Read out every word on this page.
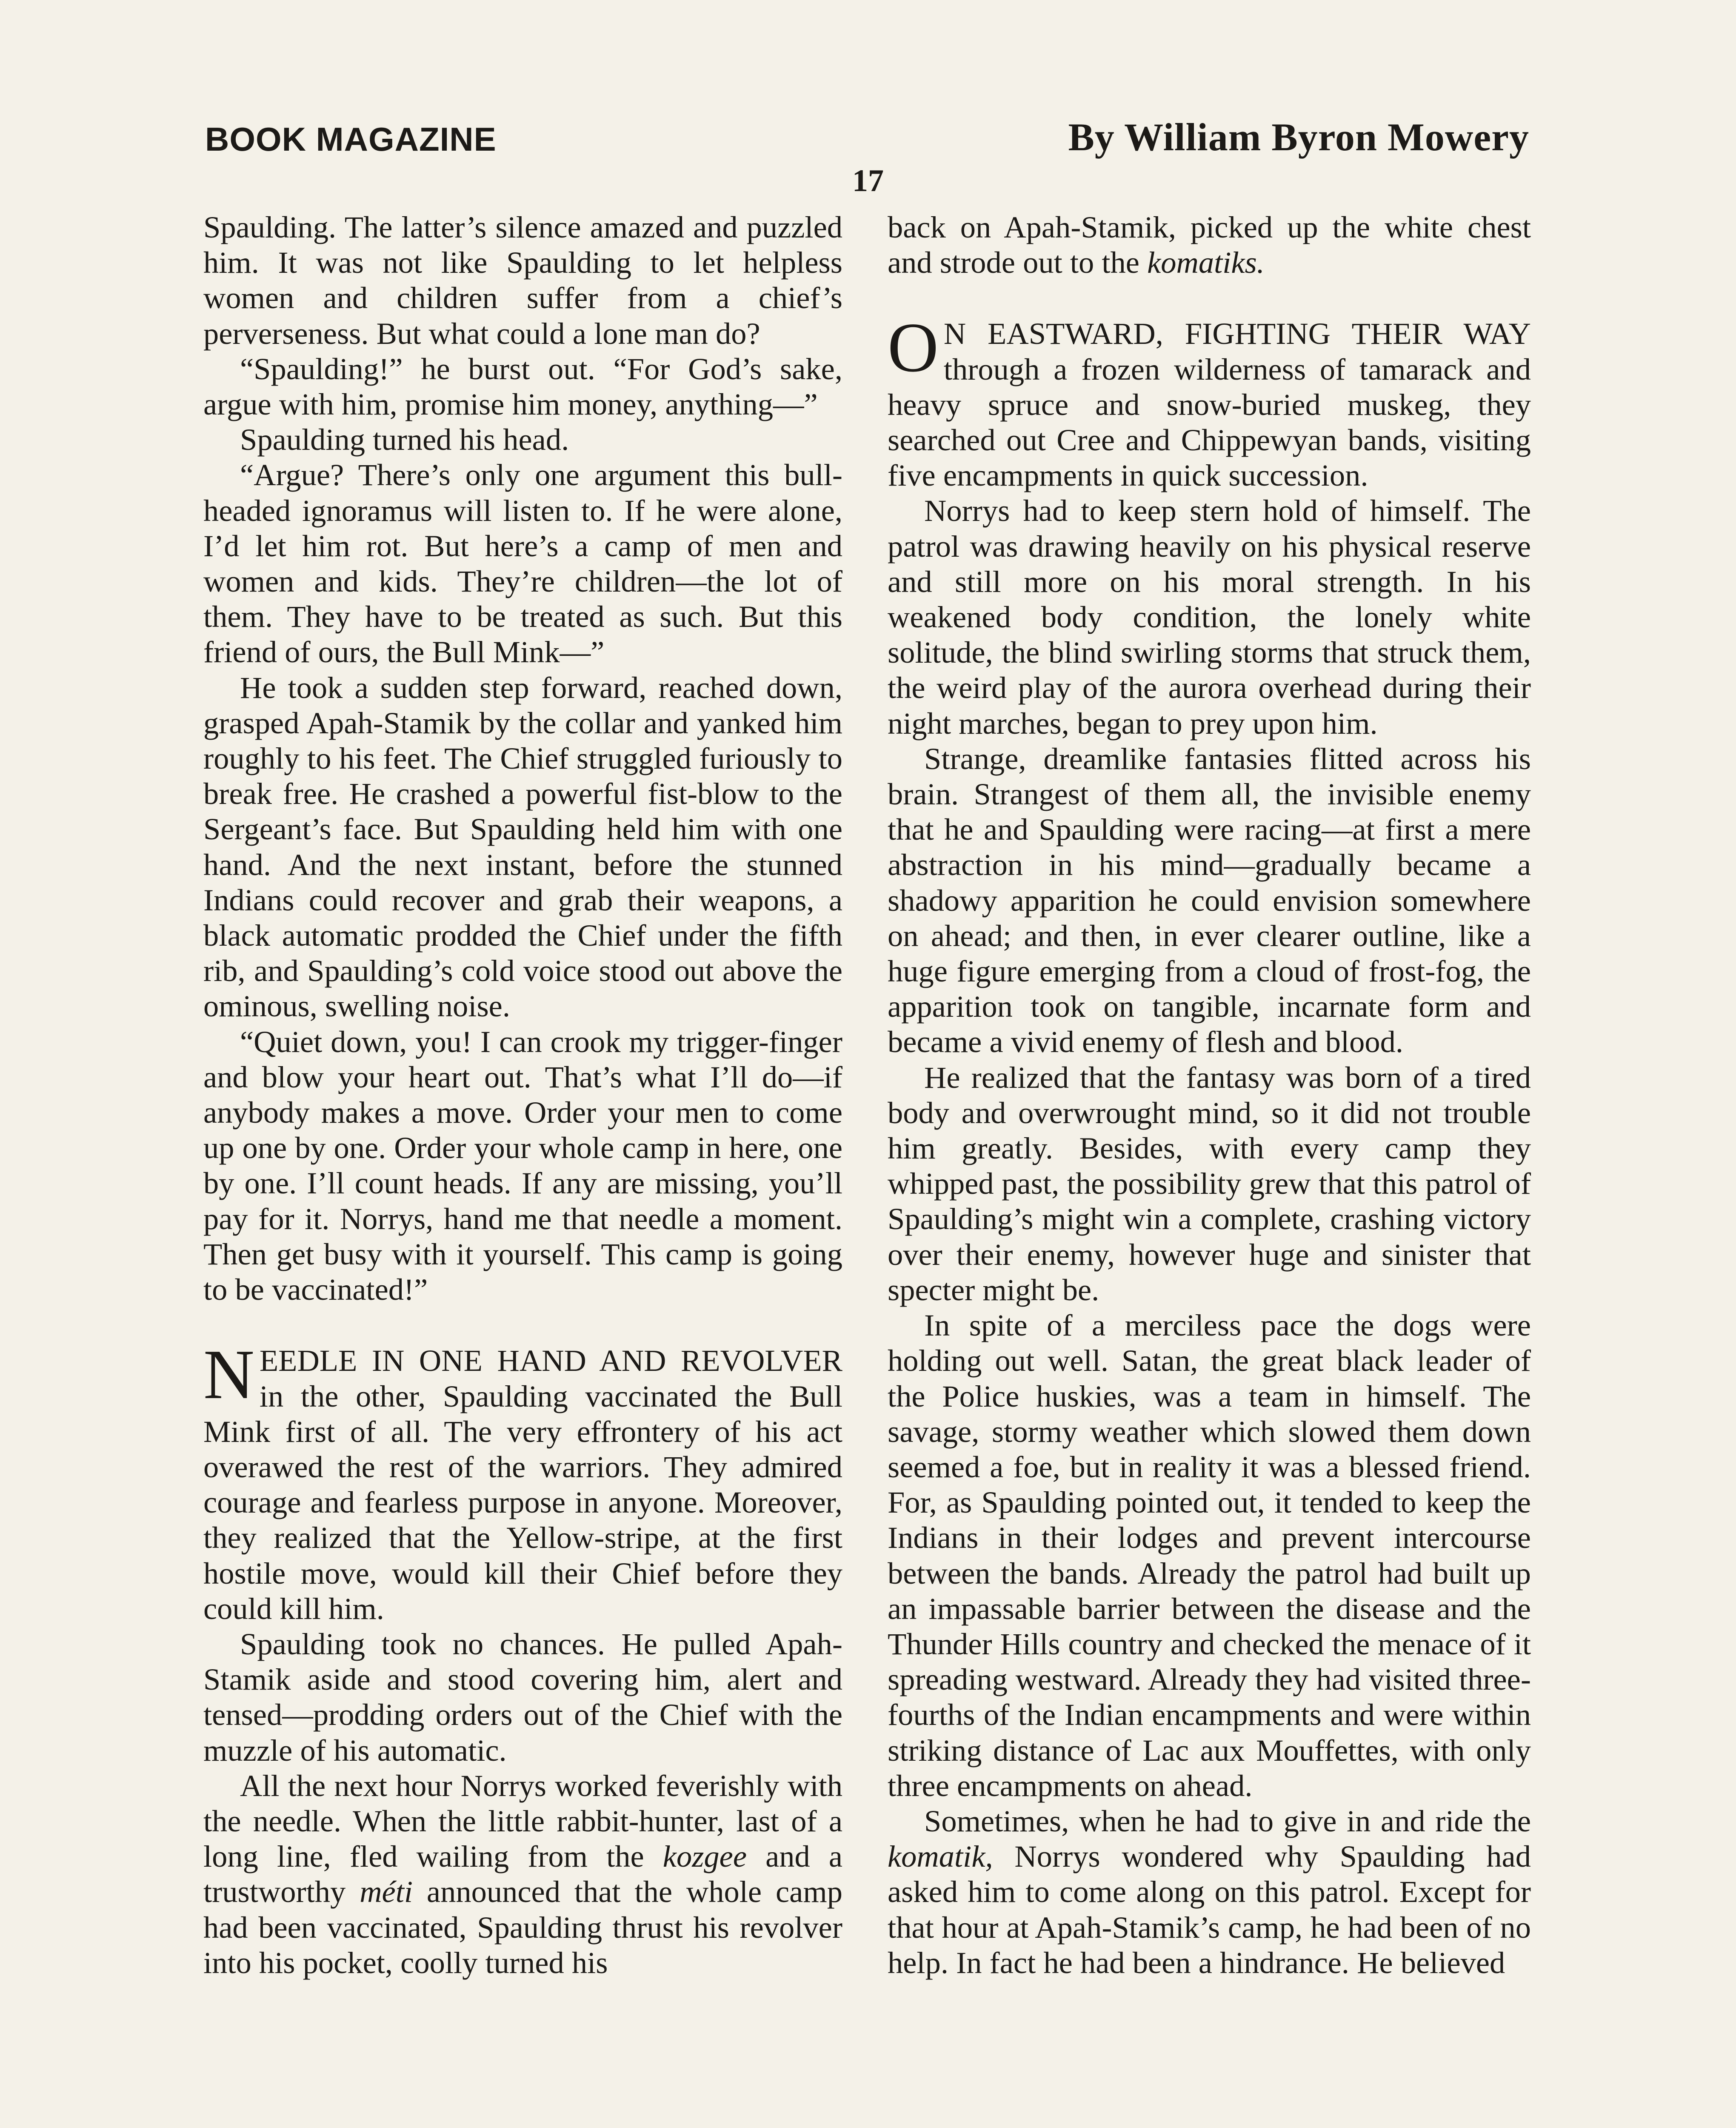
BOOK MAGAZINE	By William Byron Mowery
17

Spaulding. The latter’s silence amazed and puzzled him. It was not like Spaulding to let helpless women and children suffer from a chief’s perverseness. But what could a lone man do?

“Spaulding!” he burst out. “For God’s sake, argue with him, promise him money, anything—”

Spaulding turned his head.

“Argue? There’s only one argument this bull-headed ignoramus will listen to. If he were alone, I’d let him rot. But here’s a camp of men and women and kids. They’re children—the lot of them. They have to be treated as such. But this friend of ours, the Bull Mink—”

He took a sudden step forward, reached down, grasped Apah-Stamik by the collar and yanked him roughly to his feet. The Chief struggled furiously to break free. He crashed a powerful fist-blow to the Sergeant’s face. But Spaulding held him with one hand. And the next instant, before the stunned Indians could recover and grab their weapons, a black automatic prodded the Chief under the fifth rib, and Spaulding’s cold voice stood out above the ominous, swelling noise.

“Quiet down, you! I can crook my trigger-finger and blow your heart out. That’s what I’ll do—if anybody makes a move. Order your men to come up one by one. Order your whole camp in here, one by one. I’ll count heads. If any are missing, you’ll pay for it. Norrys, hand me that needle a moment. Then get busy with it yourself. This camp is going to be vaccinated!”

NEEDLE in one hand and revolver in the other, Spaulding vaccinated the Bull Mink first of all. The very effrontery of his act overawed the rest of the warriors. They admired courage and fearless purpose in anyone. Moreover, they realized that the Yellow-stripe, at the first hostile move, would kill their Chief before they could kill him.

Spaulding took no chances. He pulled Apah-Stamik aside and stood covering him, alert and tensed—prodding orders out of the Chief with the muzzle of his automatic.

All the next hour Norrys worked feverishly with the needle. When the little rabbit-hunter, last of a long line, fled wailing from the kozgee and a trustworthy méti announced that the whole camp had been vaccinated, Spaulding thrust his revolver into his pocket, coolly turned his

back on Apah-Stamik, picked up the white chest and strode out to the komatiks.

O N eastward, fighting their way through a frozen wilderness of tamarack and heavy spruce and snow-buried muskeg, they searched out Cree and Chippewyan bands, visiting five encampments in quick succession.

Norrys had to keep stern hold of himself. The patrol was drawing heavily on his physical reserve and still more on his moral strength. In his weakened body condition, the lonely white solitude, the blind swirling storms that struck them, the weird play of the aurora overhead during their night marches, began to prey upon him.

Strange, dreamlike fantasies flitted across his brain. Strangest of them all, the invisible enemy that he and Spaulding were racing—at first a mere abstraction in his mind—gradually became a shadowy apparition he could envision somewhere on ahead; and then, in ever clearer outline, like a huge figure emerging from a cloud of frost-fog, the apparition took on tangible, incarnate form and became a vivid enemy of flesh and blood.

He realized that the fantasy was born of a tired body and overwrought mind, so it did not trouble him greatly. Besides, with every camp they whipped past, the possibility grew that this patrol of Spaulding’s might win a complete, crashing victory over their enemy, however huge and sinister that specter might be.

In spite of a merciless pace the dogs were holding out well. Satan, the great black leader of the Police huskies, was a team in himself. The savage, stormy weather which slowed them down seemed a foe, but in reality it was a blessed friend. For, as Spaulding pointed out, it tended to keep the Indians in their lodges and prevent intercourse between the bands. Already the patrol had built up an impassable barrier between the disease and the Thunder Hills country and checked the menace of it spreading westward. Already they had visited three-fourths of the Indian encampments and were within striking distance of Lac aux Mouffettes, with only three encampments on ahead.

Sometimes, when he had to give in and ride the komatik, Norrys wondered why Spaulding had asked him to come along on this patrol. Except for that hour at Apah-Stamik’s camp, he had been of no help. In fact he had been a hindrance. He believed
